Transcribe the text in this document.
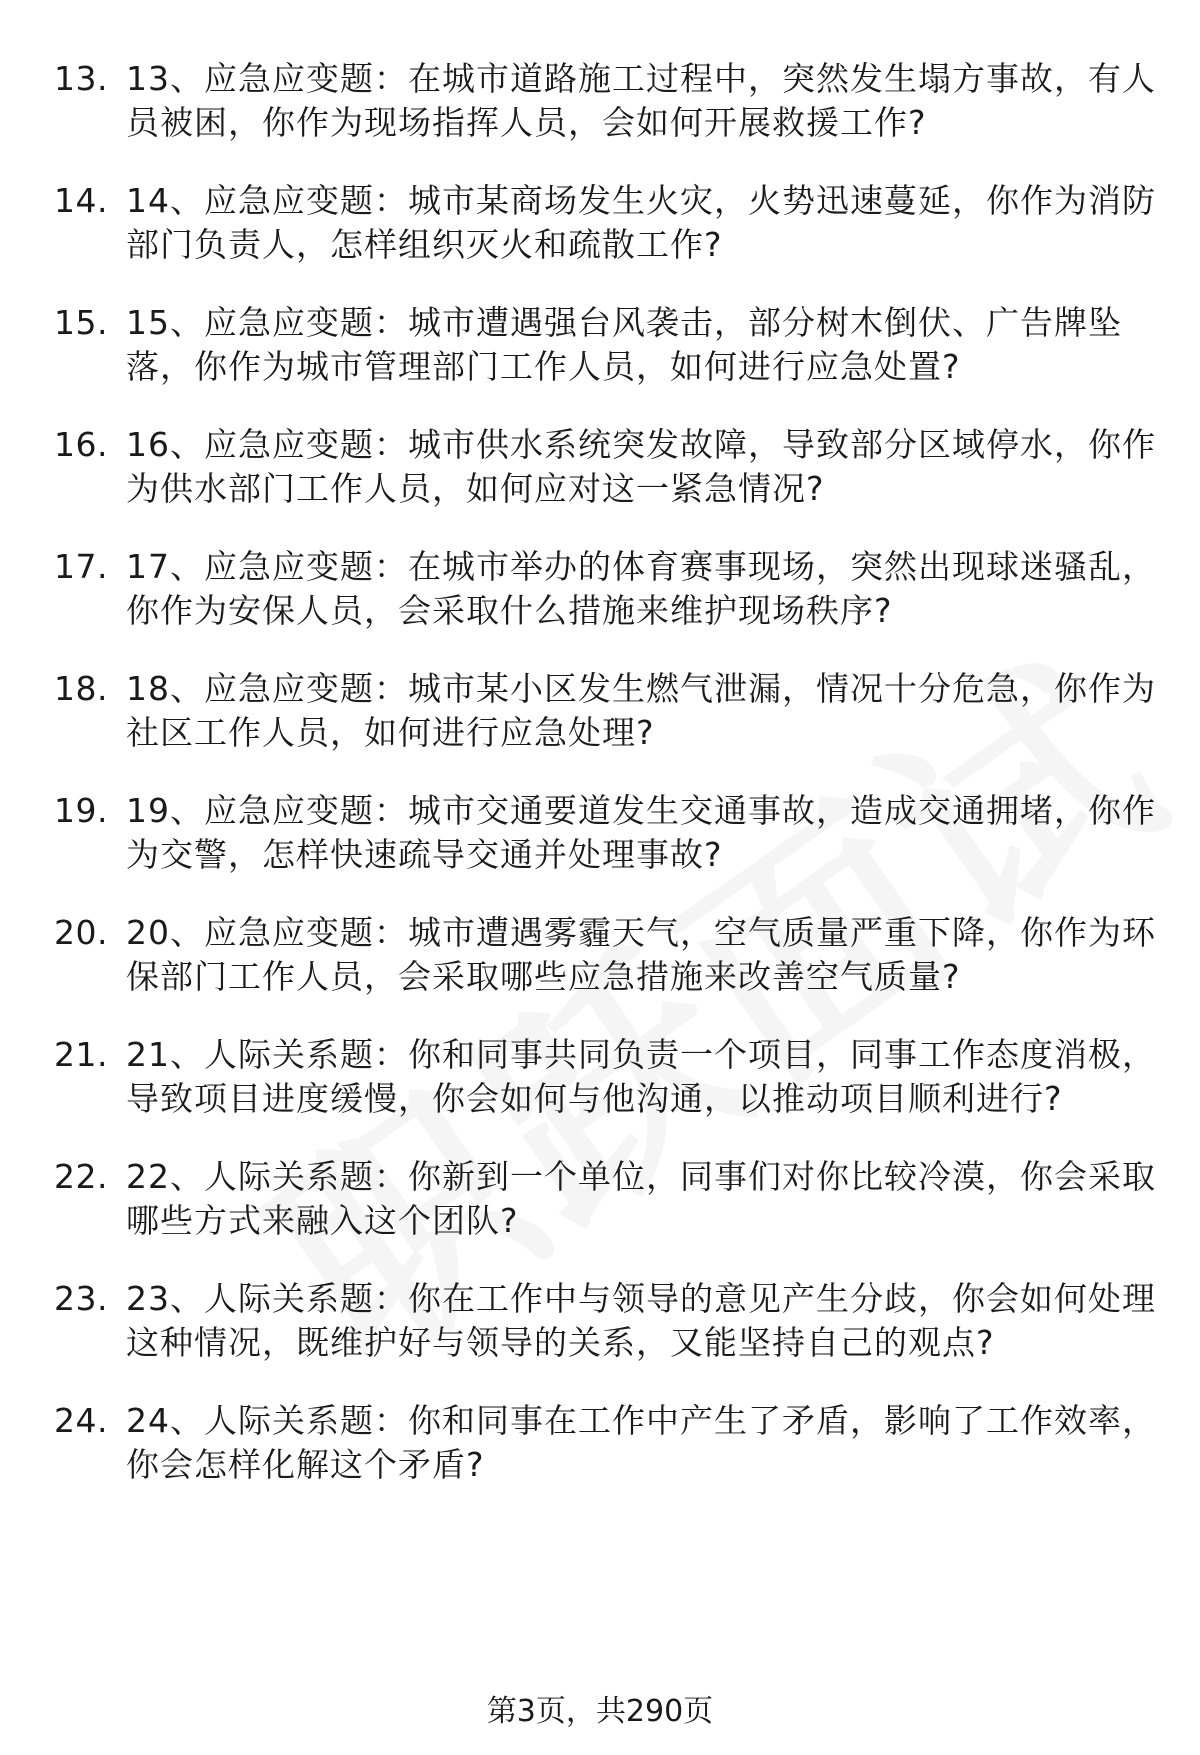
13. 13、应急应变题：在城市道路施工过程中，突然发生塌方事故，有人员被困，你作为现场指挥人员，会如何开展救援工作?
14. 14、应急应变题：城市某商场发生火灾，火势迅速蔓延，你作为消防部门负责人，怎样组织灭火和疏散工作?
15. 15、应急应变题：城市遭遇强台风袭击，部分树木倒伏、广告牌坠落，你作为城市管理部门工作人员，如何进行应急处置?
16. 16、应急应变题：城市供水系统突发故障，导致部分区域停水，你作为供水部门工作人员，如何应对这一紧急情况?
17. 17、应急应变题：在城市举办的体育赛事现场，突然出现球迷骚乱，你作为安保人员，会采取什么措施来维护现场秩序?
18. 18、应急应变题：城市某小区发生燃气泄漏，情况十分危急，你作为社区工作人员，如何进行应急处理?
19. 19、应急应变题：城市交通要道发生交通事故，造成交通拥堵，你作为交警，怎样快速疏导交通并处理事故?
20. 20、应急应变题：城市遭遇雾霾天气，空气质量严重下降，你作为环保部门工作人员，会采取哪些应急措施来改善空气质量?
21. 21、人际关系题：你和同事共同负责一个项目，同事工作态度消极，导致项目进度缓慢，你会如何与他沟通，以推动项目顺利进行?
22. 22、人际关系题：你新到一个单位，同事们对你比较冷漠，你会采取哪些方式来融入这个团队?
23. 23、人际关系题：你在工作中与领导的意见产生分歧，你会如何处理这种情况，既维护好与领导的关系，又能坚持自己的观点?
24. 24、人际关系题：你和同事在工作中产生了矛盾，影响了工作效率，你会怎样化解这个矛盾?
第3页，共290页
